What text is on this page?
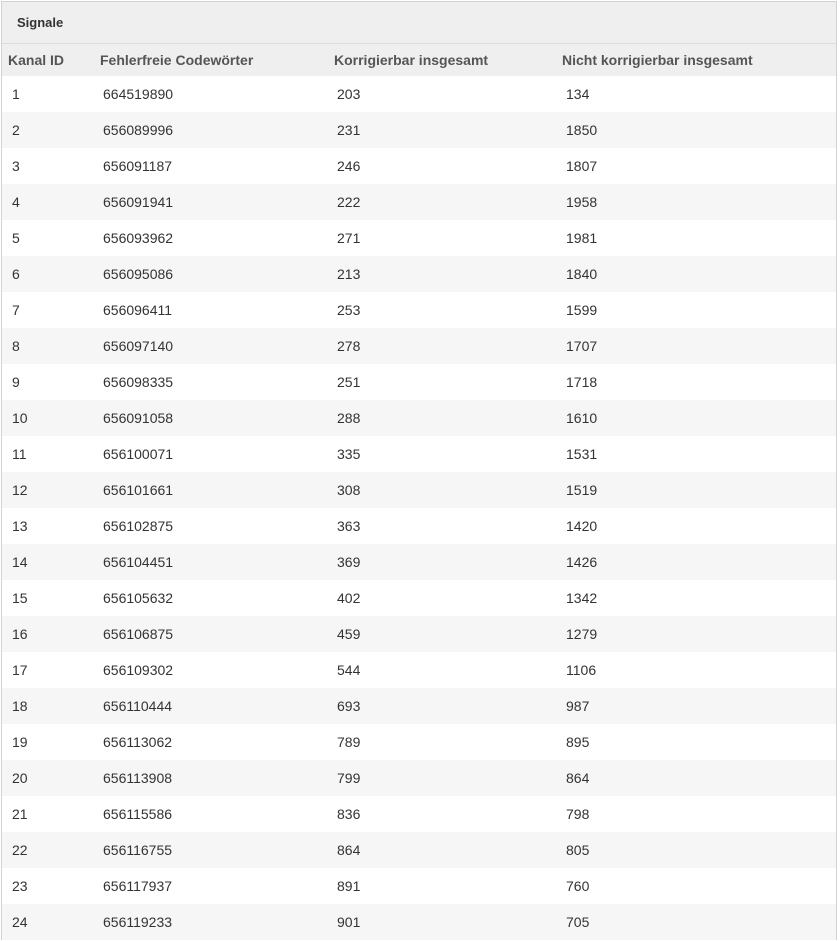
Signale
Kanal ID	Fehlerfreie Codewörter	Korrigierbar insgesamt	Nicht korrigierbar insgesamt
1	664519890	203	134
2	656089996	231	1850
3	656091187	246	1807
4	656091941	222	1958
5	656093962	271	1981
6	656095086	213	1840
7	656096411	253	1599
8	656097140	278	1707
9	656098335	251	1718
10	656091058	288	1610
11	656100071	335	1531
12	656101661	308	1519
13	656102875	363	1420
14	656104451	369	1426
15	656105632	402	1342
16	656106875	459	1279
17	656109302	544	1106
18	656110444	693	987
19	656113062	789	895
20	656113908	799	864
21	656115586	836	798
22	656116755	864	805
23	656117937	891	760
24	656119233	901	705
